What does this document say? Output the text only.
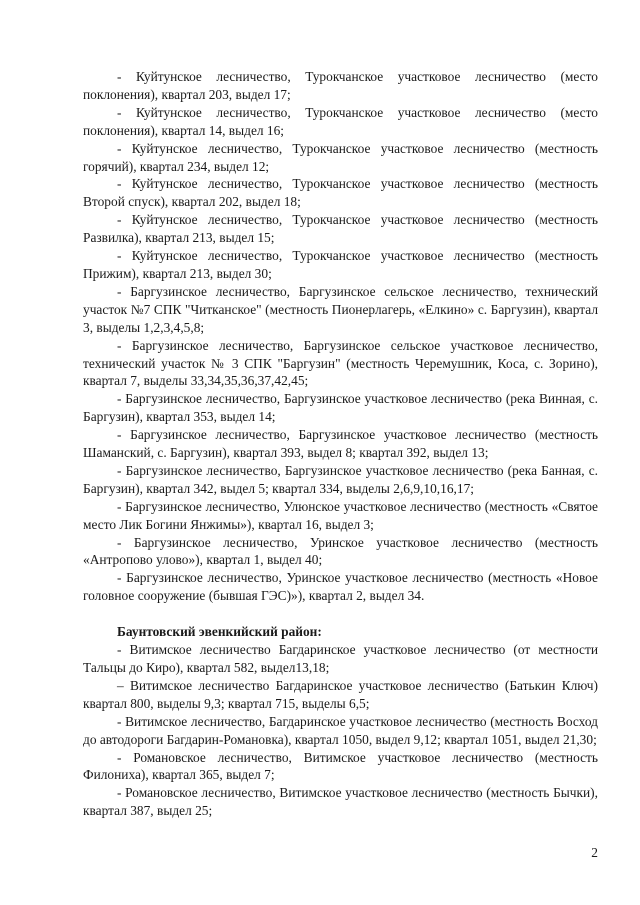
- Куйтунское лесничество, Турокчанское участковое лесничество (место поклонения), квартал 203, выдел 17;

- Куйтунское лесничество, Турокчанское участковое лесничество (место поклонения), квартал 14, выдел 16;

- Куйтунское лесничество, Турокчанское участковое лесничество (местность горячий), квартал 234, выдел 12;

- Куйтунское лесничество, Турокчанское участковое лесничество (местность Второй спуск), квартал 202, выдел 18;

- Куйтунское лесничество, Турокчанское участковое лесничество (местность Развилка), квартал 213, выдел 15;

- Куйтунское лесничество, Турокчанское участковое лесничество (местность Прижим), квартал 213, выдел 30;

- Баргузинское лесничество, Баргузинское сельское лесничество, технический участок №7 СПК "Читканское" (местность Пионерлагерь, «Елкино» с. Баргузин), квартал 3, выделы 1,2,3,4,5,8;

- Баргузинское лесничество, Баргузинское сельское участковое лесничество, технический участок № 3 СПК "Баргузин" (местность Черемушник, Коса, с. Зорино), квартал 7, выделы 33,34,35,36,37,42,45;

- Баргузинское лесничество, Баргузинское участковое лесничество (река Винная, с. Баргузин), квартал 353, выдел 14;

- Баргузинское лесничество, Баргузинское участковое лесничество (местность Шаманский, с. Баргузин), квартал 393, выдел 8; квартал 392, выдел 13;

- Баргузинское лесничество, Баргузинское участковое лесничество (река Банная, с. Баргузин), квартал 342, выдел 5; квартал 334, выделы 2,6,9,10,16,17;

- Баргузинское лесничество, Улюнское участковое лесничество (местность «Святое место Лик Богини Янжимы»), квартал 16, выдел 3;

- Баргузинское лесничество, Уринское участковое лесничество (местность «Антропово улово»), квартал 1, выдел 40;

- Баргузинское лесничество, Уринское участковое лесничество (местность «Новое головное сооружение (бывшая ГЭС)»), квартал 2, выдел 34.

Баунтовский эвенкийский район:

- Витимское лесничество Багдаринское участковое лесничество (от местности Тальцы до Киро), квартал 582, выдел13,18;

– Витимское лесничество Багдаринское участковое лесничество (Батькин Ключ) квартал 800, выделы 9,3; квартал 715, выделы 6,5;

- Витимское лесничество, Багдаринское участковое лесничество (местность Восход до автодороги Багдарин-Романовка), квартал 1050, выдел 9,12; квартал 1051, выдел 21,30;

- Романовское лесничество, Витимское участковое лесничество (местность Филониха), квартал 365, выдел 7;

- Романовское лесничество, Витимское участковое лесничество (местность Бычки), квартал 387, выдел 25;

2
